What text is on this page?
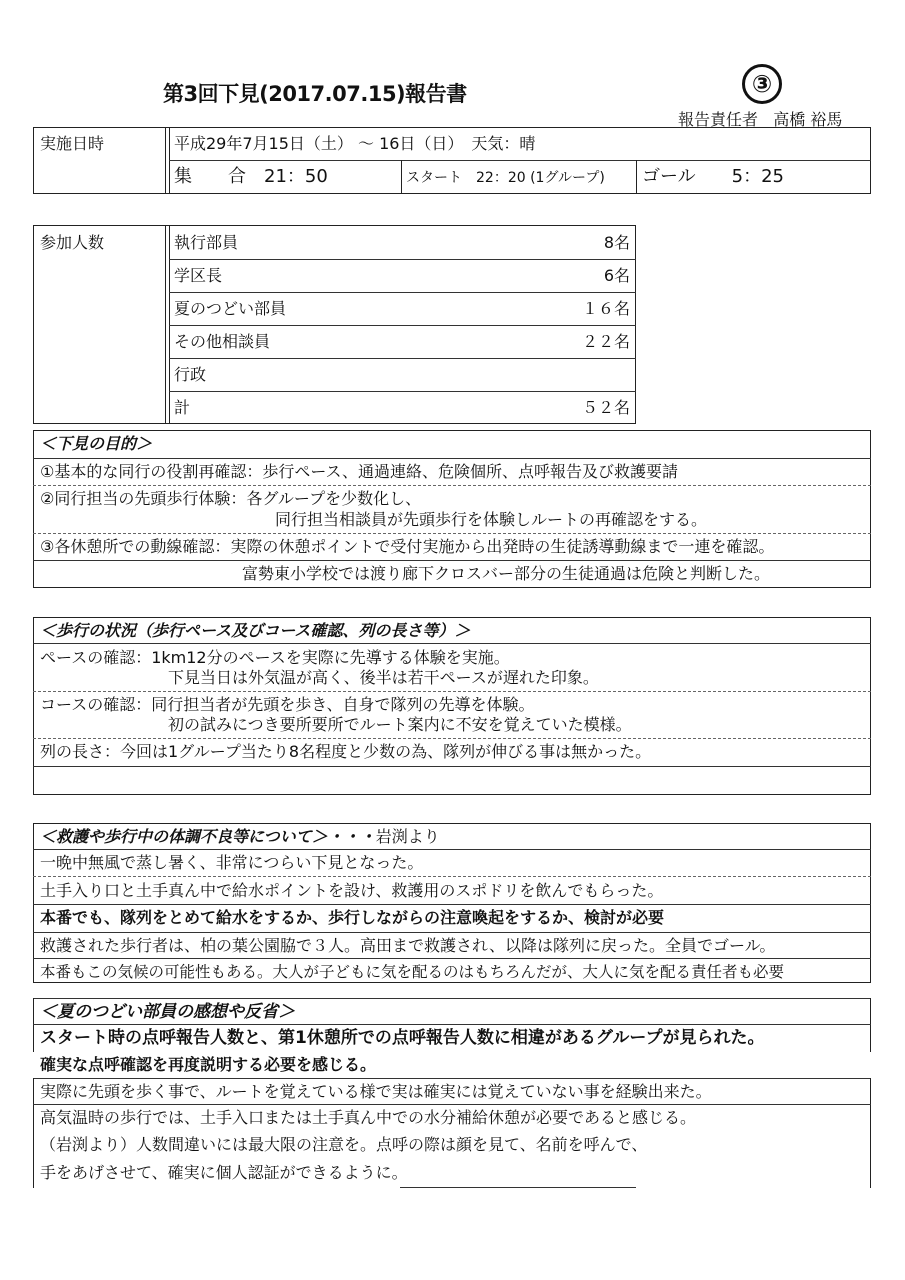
第3回下見(2017.07.15)報告書	③
報告責任者 高橋 裕馬
実施日時	平成29年7月15日（土） ～ 16日（日）　天気：晴
集　　合　21：50	スタート　22：20 (1グループ) ゴール　　5：25
参加人数	執行部員	8名
学区長	6名
夏のつどい部員	１６名
その他相談員	２２名
行政
計	５２名
＜下見の目的＞
①基本的な同行の役割再確認：歩行ペース、通過連絡、危険個所、点呼報告及び救護要請
②同行担当の先頭歩行体験：各グループを少数化し、
同行担当相談員が先頭歩行を体験しルートの再確認をする。
③各休憩所での動線確認：実際の休憩ポイントで受付実施から出発時の生徒誘導動線まで一連を確認。
富勢東小学校では渡り廊下クロスバー部分の生徒通過は危険と判断した。
＜歩行の状況（歩行ペース及びコース確認、列の長さ等）＞
ペースの確認：1km12分のペースを実際に先導する体験を実施。
下見当日は外気温が高く、後半は若干ペースが遅れた印象。
コースの確認：同行担当者が先頭を歩き、自身で隊列の先導を体験。
初の試みにつき要所要所でルート案内に不安を覚えていた模様。
列の長さ：今回は1グループ当たり8名程度と少数の為、隊列が伸びる事は無かった。
＜救護や歩行中の体調不良等について＞・・・岩渕より
一晩中無風で蒸し暑く、非常につらい下見となった。
土手入り口と土手真ん中で給水ポイントを設け、救護用のスポドリを飲んでもらった。
本番でも、隊列をとめて給水をするか、歩行しながらの注意喚起をするか、検討が必要
救護された歩行者は、柏の葉公園脇で３人。高田まで救護され、以降は隊列に戻った。全員でゴール。
本番もこの気候の可能性もある。大人が子どもに気を配るのはもちろんだが、大人に気を配る責任者も必要
＜夏のつどい部員の感想や反省＞
スタート時の点呼報告人数と、第1休憩所での点呼報告人数に相違があるグループが見られた。
確実な点呼確認を再度説明する必要を感じる。
実際に先頭を歩く事で、ルートを覚えている様で実は確実には覚えていない事を経験出来た。
高気温時の歩行では、土手入口または土手真ん中での水分補給休憩が必要であると感じる。
（岩渕より）人数間違いには最大限の注意を。点呼の際は顔を見て、名前を呼んで、
手をあげさせて、確実に個人認証ができるように。
